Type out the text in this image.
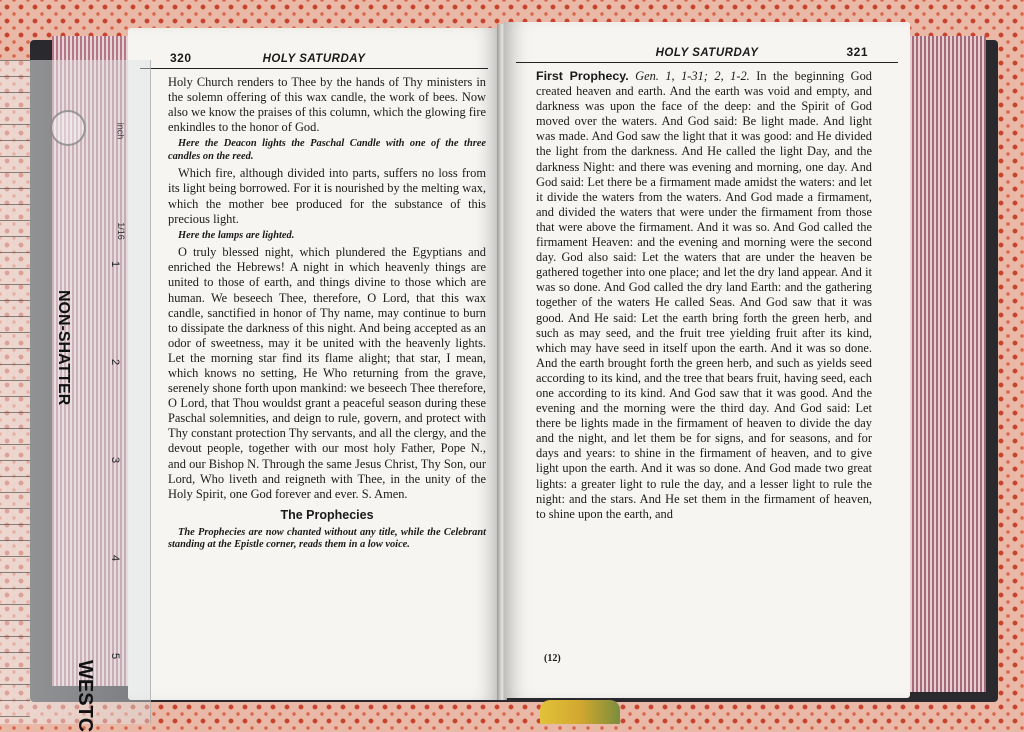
320	HOLY SATURDAY

Holy Church renders to Thee by the hands of Thy ministers in the solemn offering of this wax candle, the work of bees. Now also we know the praises of this column, which the glowing fire enkindles to the honor of God.

Here the Deacon lights the Paschal Candle with one of the three candles on the reed.

Which fire, although divided into parts, suffers no loss from its light being borrowed. For it is nourished by the melting wax, which the mother bee produced for the substance of this precious light.

Here the lamps are lighted.

O truly blessed night, which plundered the Egyptians and enriched the Hebrews! A night in which heavenly things are united to those of earth, and things divine to those which are human. We beseech Thee, therefore, O Lord, that this wax candle, sanctified in honor of Thy name, may continue to burn to dissipate the darkness of this night. And being accepted as an odor of sweetness, may it be united with the heavenly lights. Let the morning star find its flame alight; that star, I mean, which knows no setting, He Who returning from the grave, serenely shone forth upon mankind: we beseech Thee therefore, O Lord, that Thou wouldst grant a peaceful season during these Paschal solemnities, and deign to rule, govern, and protect with Thy constant protection Thy servants, and all the clergy, and the devout people, together with our most holy Father, Pope N., and our Bishop N. Through the same Jesus Christ, Thy Son, our Lord, Who liveth and reigneth with Thee, in the unity of the Holy Spirit, one God forever and ever. S. Amen.

The Prophecies

The Prophecies are now chanted without any title, while the Celebrant standing at the Epistle corner, reads them in a low voice.

HOLY SATURDAY	321

First Prophecy. Gen. 1, 1-31; 2, 1-2. In the beginning God created heaven and earth. And the earth was void and empty, and darkness was upon the face of the deep: and the Spirit of God moved over the waters. And God said: Be light made. And light was made. And God saw the light that it was good: and He divided the light from the darkness. And He called the light Day, and the darkness Night: and there was evening and morning, one day. And God said: Let there be a firmament made amidst the waters: and let it divide the waters from the waters. And God made a firmament, and divided the waters that were under the firmament from those that were above the firmament. And it was so. And God called the firmament Heaven: and the evening and morning were the second day. God also said: Let the waters that are under the heaven be gathered together into one place; and let the dry land appear. And it was so done. And God called the dry land Earth: and the gathering together of the waters He called Seas. And God saw that it was good. And He said: Let the earth bring forth the green herb, and such as may seed, and the fruit tree yielding fruit after its kind, which may have seed in itself upon the earth. And it was so done. And the earth brought forth the green herb, and such as yields seed according to its kind, and the tree that bears fruit, having seed, each one according to its kind. And God saw that it was good. And the evening and the morning were the third day. And God said: Let there be lights made in the firmament of heaven to divide the day and the night, and let them be for signs, and for seasons, and for days and years: to shine in the firmament of heaven, and to give light upon the earth. And it was so done. And God made two great lights: a greater light to rule the day, and a lesser light to rule the night: and the stars. And He set them in the firmament of heaven, to shine upon the earth, and

(12)
inch
1/16
1
2
3
4
5
NON-SHATTER
WESTC
